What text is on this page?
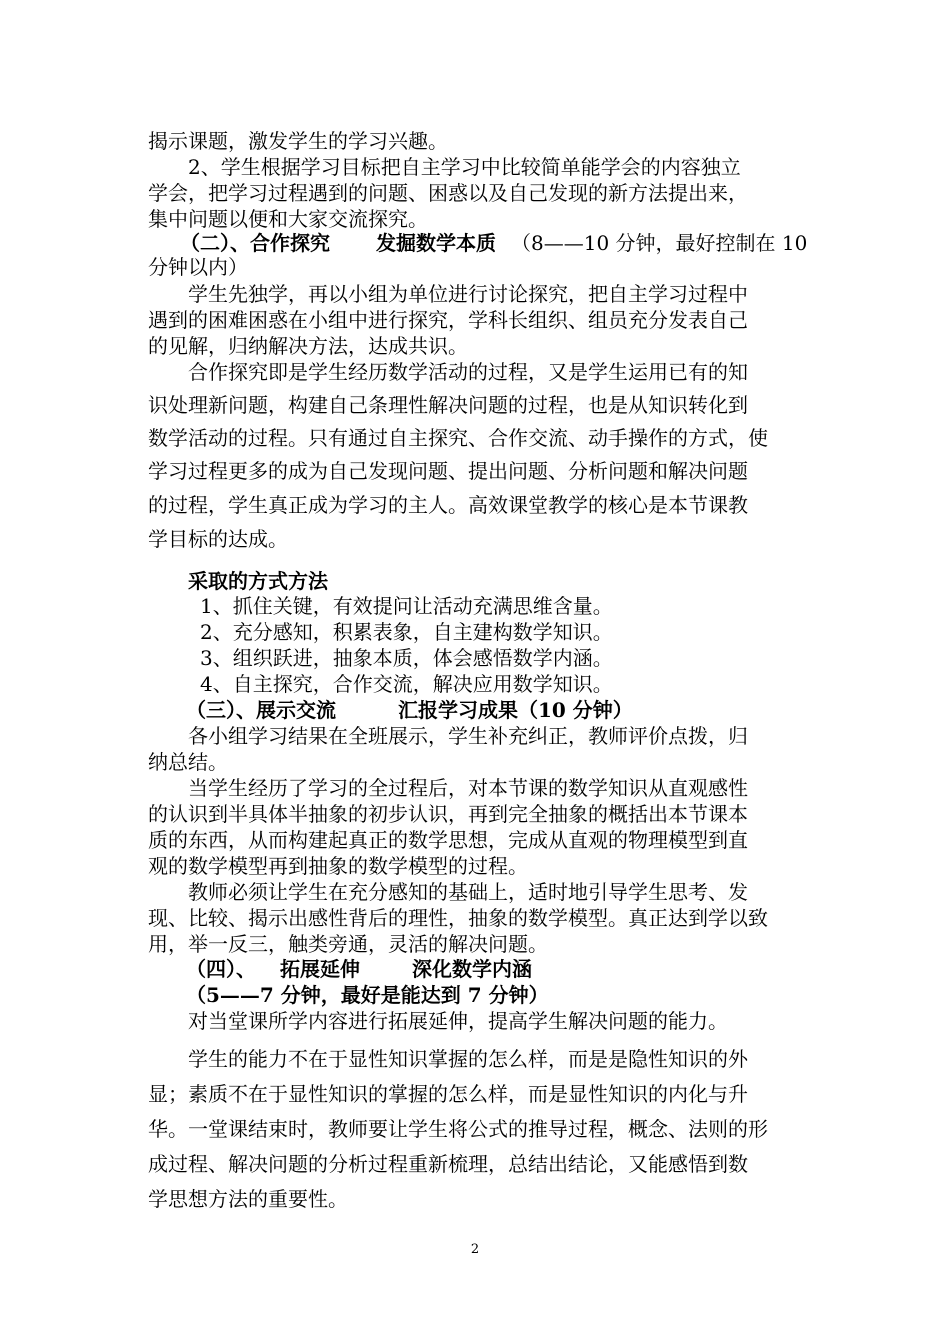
揭示课题，激发学生的学习兴趣。

2、学生根据学习目标把自主学习中比较简单能学会的内容独立

学会，把学习过程遇到的问题、困惑以及自己发现的新方法提出来，

集中问题以便和大家交流探究。

（二）、合作探究 发掘数学本质 （8——10 分钟，最好控制在 10

分钟以内）

学生先独学，再以小组为单位进行讨论探究，把自主学习过程中

遇到的困难困惑在小组中进行探究，学科长组织、组员充分发表自己

的见解，归纳解决方法，达成共识。

合作探究即是学生经历数学活动的过程，又是学生运用已有的知

识处理新问题，构建自己条理性解决问题的过程，也是从知识转化到

数学活动的过程。只有通过自主探究、合作交流、动手操作的方式，使

学习过程更多的成为自己发现问题、提出问题、分析问题和解决问题

的过程，学生真正成为学习的主人。高效课堂教学的核心是本节课教

学目标的达成。

采取的方式方法

1、抓住关键，有效提问让活动充满思维含量。

2、充分感知，积累表象，自主建构数学知识。

3、组织跃进，抽象本质，体会感悟数学内涵。

4、自主探究，合作交流，解决应用数学知识。

（三）、展示交流	汇报学习成果（10 分钟）

各小组学习结果在全班展示，学生补充纠正，教师评价点拨，归

纳总结。

当学生经历了学习的全过程后，对本节课的数学知识从直观感性

的认识到半具体半抽象的初步认识，再到完全抽象的概括出本节课本

质的东西，从而构建起真正的数学思想，完成从直观的物理模型到直

观的数学模型再到抽象的数学模型的过程。

教师必须让学生在充分感知的基础上，适时地引导学生思考、发

现、比较、揭示出感性背后的理性，抽象的数学模型。真正达到学以致

用，举一反三，触类旁通，灵活的解决问题。

（四）、 拓展延伸	深化数学内涵

（5——7 分钟，最好是能达到 7 分钟）

对当堂课所学内容进行拓展延伸，提高学生解决问题的能力。

学生的能力不在于显性知识掌握的怎么样，而是是隐性知识的外

显；素质不在于显性知识的掌握的怎么样，而是显性知识的内化与升

华。一堂课结束时，教师要让学生将公式的推导过程，概念、法则的形

成过程、解决问题的分析过程重新梳理，总结出结论，又能感悟到数

学思想方法的重要性。

2
